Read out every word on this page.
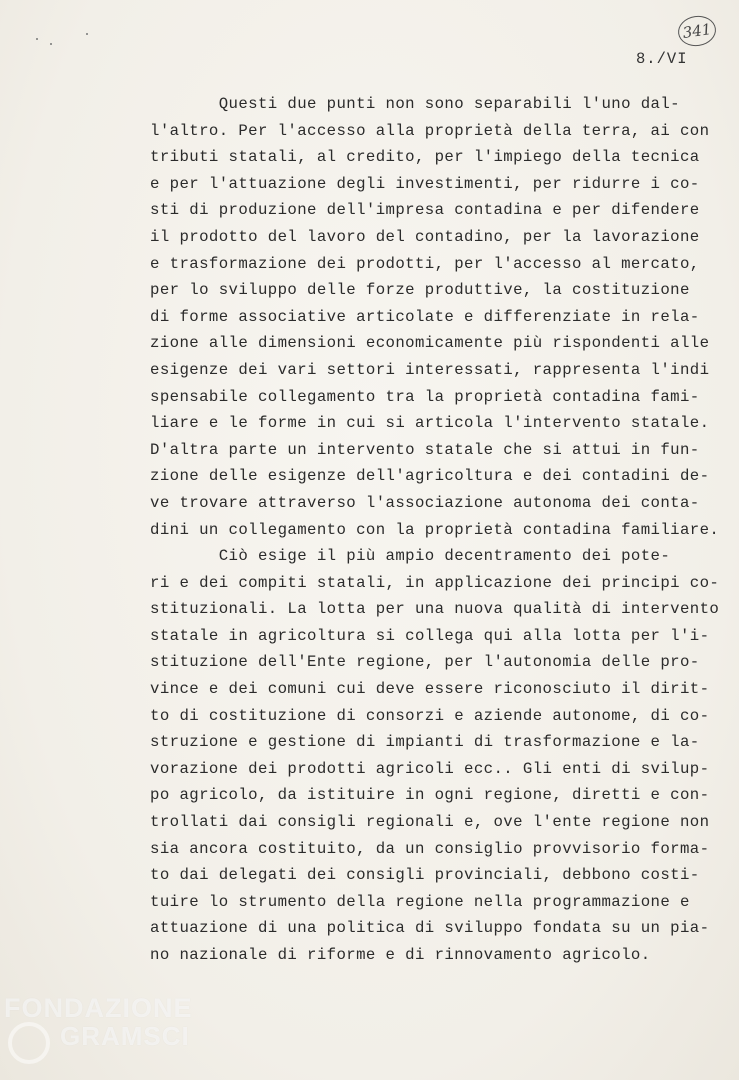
341
8./VI
Questi due punti non sono separabili l'uno dal-
l'altro. Per l'accesso alla proprietà della terra, ai con
tributi statali, al credito, per l'impiego della tecnica
e per l'attuazione degli investimenti, per ridurre i co-
sti di produzione dell'impresa contadina e per difendere
il prodotto del lavoro del contadino, per la lavorazione
e trasformazione dei prodotti, per l'accesso al mercato,
per lo sviluppo delle forze produttive, la costituzione
di forme associative articolate e differenziate in rela-
zione alle dimensioni economicamente più rispondenti alle
esigenze dei vari settori interessati, rappresenta l'indi
spensabile collegamento tra la proprietà contadina fami-
liare e le forme in cui si articola l'intervento statale.
D'altra parte un intervento statale che si attui in fun-
zione delle esigenze dell'agricoltura e dei contadini de-
ve trovare attraverso l'associazione autonoma dei conta-
dini un collegamento con la proprietà contadina familiare.
Ciò esige il più ampio decentramento dei pote-
ri e dei compiti statali, in applicazione dei principi co-
stituzionali. La lotta per una nuova qualità di intervento
statale in agricoltura si collega qui alla lotta per l'i-
stituzione dell'Ente regione, per l'autonomia delle pro-
vince e dei comuni cui deve essere riconosciuto il dirit-
to di costituzione di consorzi e aziende autonome, di co-
struzione e gestione di impianti di trasformazione e la-
vorazione dei prodotti agricoli ecc.. Gli enti di svilup-
po agricolo, da istituire in ogni regione, diretti e con-
trollati dai consigli regionali e, ove l'ente regione non
sia ancora costituito, da un consiglio provvisorio forma-
to dai delegati dei consigli provinciali, debbono costi-
tuire lo strumento della regione nella programmazione e
attuazione di una politica di sviluppo fondata su un pia-
no nazionale di riforme e di rinnovamento agricolo.
FONDAZIONE
GRAMSCI
